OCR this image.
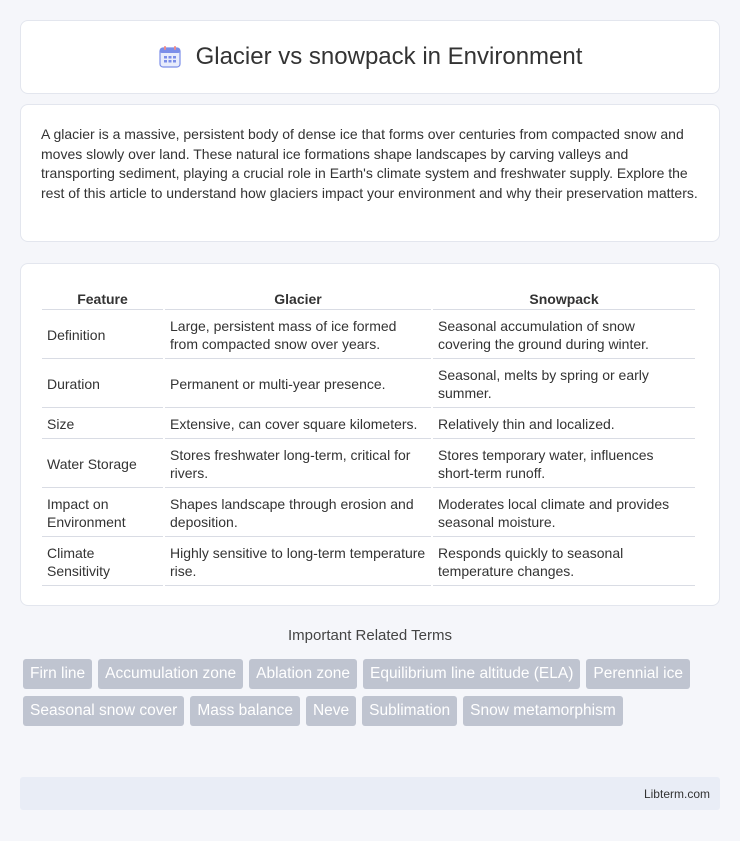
Glacier vs snowpack in Environment

A glacier is a massive, persistent body of dense ice that forms over centuries from compacted snow and moves slowly over land. These natural ice formations shape landscapes by carving valleys and transporting sediment, playing a crucial role in Earth's climate system and freshwater supply. Explore the rest of this article to understand how glaciers impact your environment and why their preservation matters.

Feature	Glacier	Snowpack
Definition	Large, persistent mass of ice formed from compacted snow over years.	Seasonal accumulation of snow covering the ground during winter.
Duration	Permanent or multi-year presence.	Seasonal, melts by spring or early summer.
Size	Extensive, can cover square kilometers.	Relatively thin and localized.
Water Storage	Stores freshwater long-term, critical for rivers.	Stores temporary water, influences short-term runoff.
Impact on Environment	Shapes landscape through erosion and deposition.	Moderates local climate and provides seasonal moisture.
Climate Sensitivity	Highly sensitive to long-term temperature rise.	Responds quickly to seasonal temperature changes.
Important Related Terms
Firn line	Accumulation zone	Ablation zone	Equilibrium line altitude (ELA)	Perennial ice
Seasonal snow cover	Mass balance	Neve	Sublimation	Snow metamorphism
Libterm.com
